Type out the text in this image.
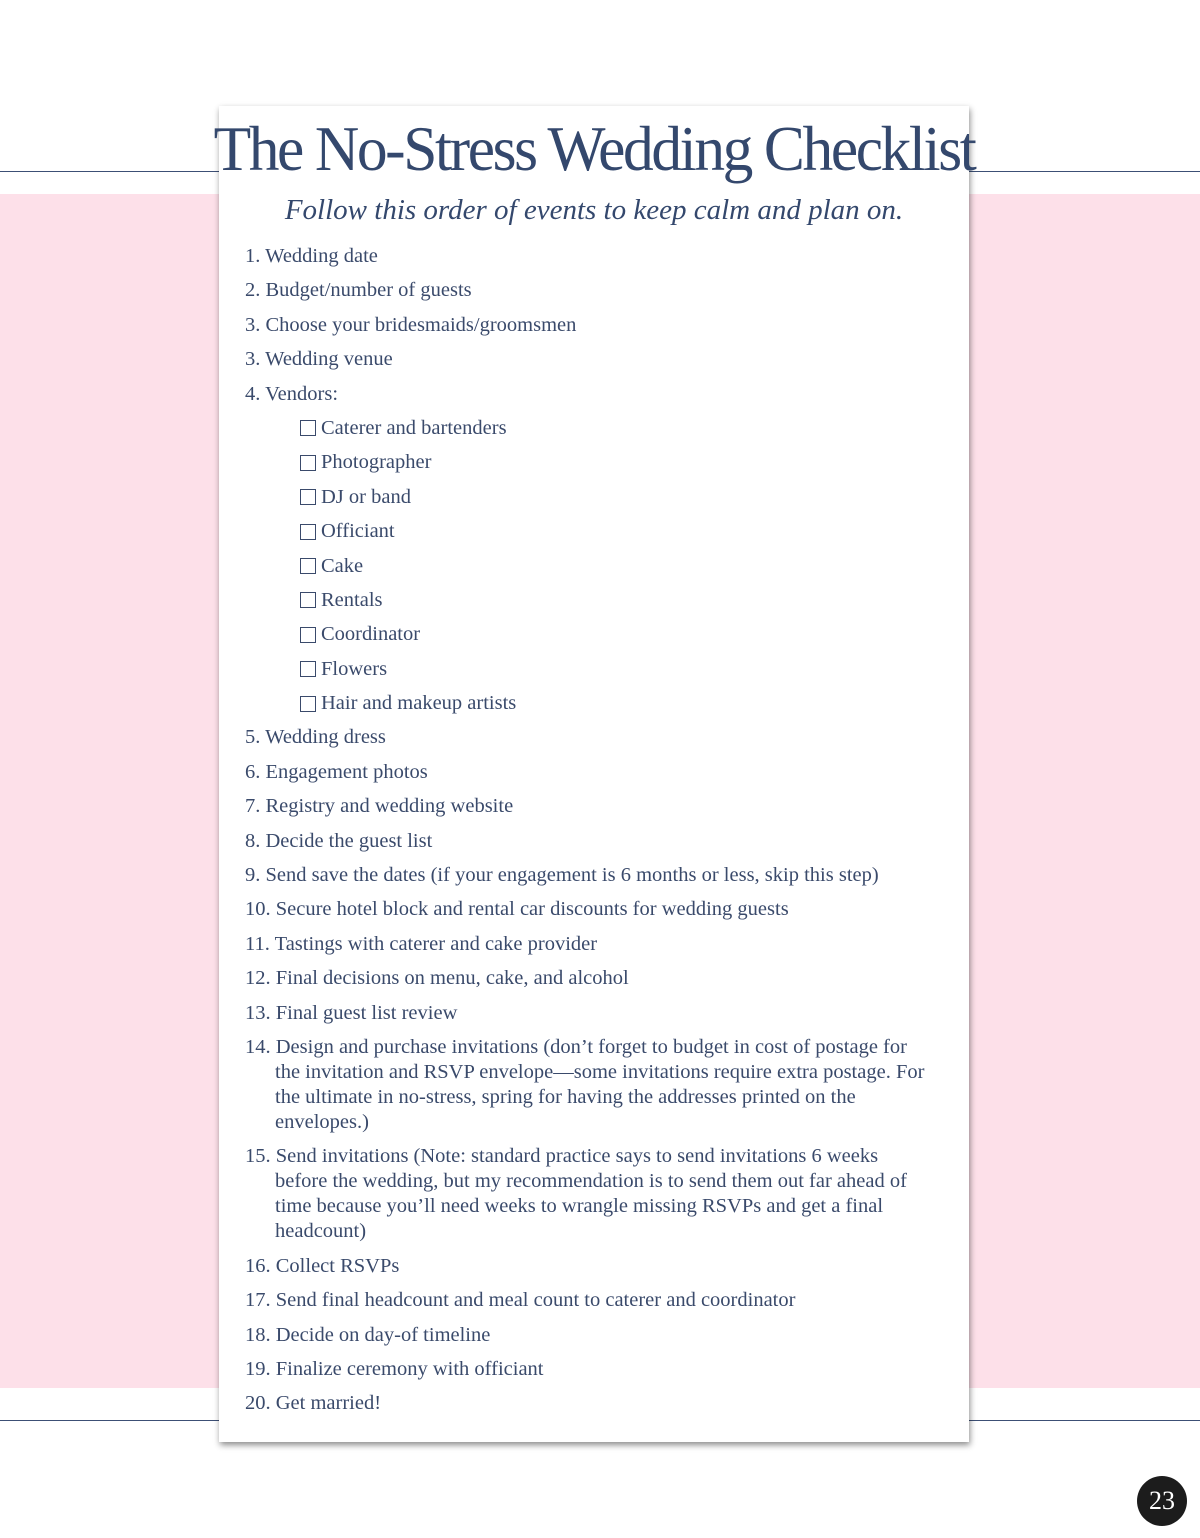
The No-Stress Wedding Checklist

Follow this order of events to keep calm and plan on.

1. Wedding date
2. Budget/number of guests
3. Choose your bridesmaids/groomsmen
3. Wedding venue
4. Vendors:
Caterer and bartenders
Photographer
DJ or band
Officiant
Cake
Rentals
Coordinator
Flowers
Hair and makeup artists
5. Wedding dress
6. Engagement photos
7. Registry and wedding website
8. Decide the guest list
9. Send save the dates (if your engagement is 6 months or less, skip this step)
10. Secure hotel block and rental car discounts for wedding guests
11. Tastings with caterer and cake provider
12. Final decisions on menu, cake, and alcohol
13. Final guest list review
14. Design and purchase invitations (don’t forget to budget in cost of postage for the invitation and RSVP envelope—some invitations require extra postage. For the ultimate in no-stress, spring for having the addresses printed on the envelopes.)
15. Send invitations (Note: standard practice says to send invitations 6 weeks before the wedding, but my recommendation is to send them out far ahead of time because you’ll need weeks to wrangle missing RSVPs and get a final headcount)
16. Collect RSVPs
17. Send final headcount and meal count to caterer and coordinator
18. Decide on day-of timeline
19. Finalize ceremony with officiant
20. Get married!
23
